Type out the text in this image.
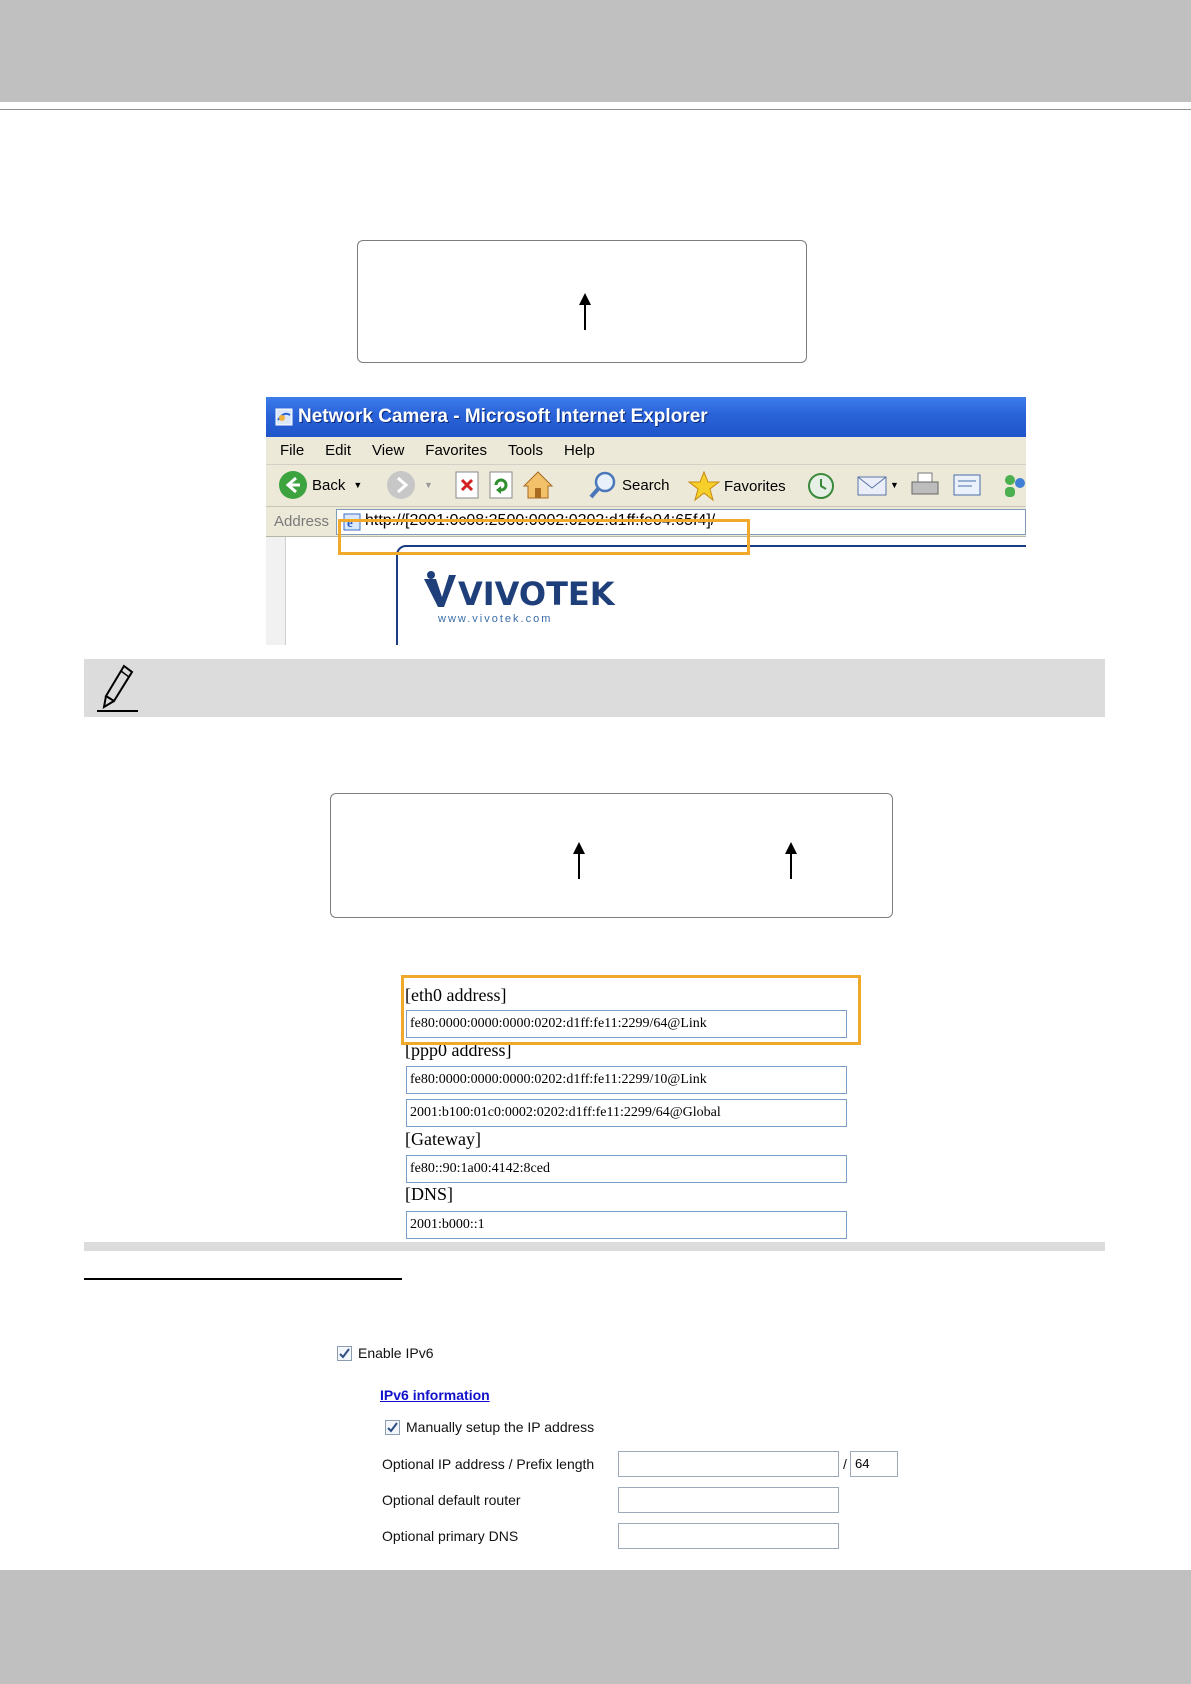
Network Camera - Microsoft Internet Explorer
File Edit View Favorites Tools Help
Back ▼	▼	Search	Favorites	▼
Address e http://[2001:0c08:2500:0002:0202:d1ff:fe04:65f4]/
VIVOTEK
www.vivotek.com
[eth0 address]
fe80:0000:0000:0000:0202:d1ff:fe11:2299/64@Link
[ppp0 address]
fe80:0000:0000:0000:0202:d1ff:fe11:2299/10@Link
2001:b100:01c0:0002:0202:d1ff:fe11:2299/64@Global
[Gateway]
fe80::90:1a00:4142:8ced
[DNS]
2001:b000::1
Enable IPv6
IPv6 information
Manually setup the IP address
Optional IP address / Prefix length	/ 64
Optional default router
Optional primary DNS
